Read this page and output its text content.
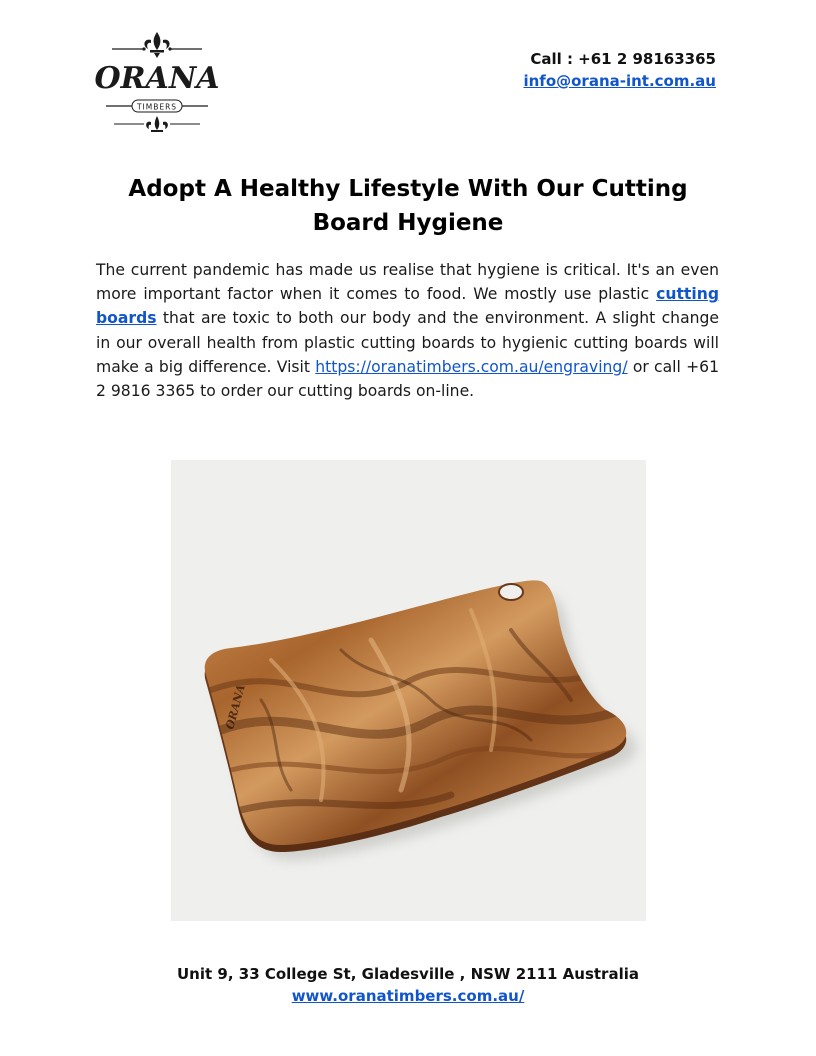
ORANA
TIMBERS
Call : +61 2 98163365
info@orana-int.com.au
Adopt A Healthy Lifestyle With Our Cutting
Board Hygiene

The current pandemic has made us realise that hygiene is critical. It's an even more important factor when it comes to food. We mostly use plastic cutting boards that are toxic to both our body and the environment. A slight change in our overall health from plastic cutting boards to hygienic cutting boards will make a big difference. Visit https://oranatimbers.com.au/engraving/ or call +61 2 9816 3365 to order our cutting boards on-line.

ORANA
Unit 9, 33 College St, Gladesville , NSW 2111 Australia
www.oranatimbers.com.au/
